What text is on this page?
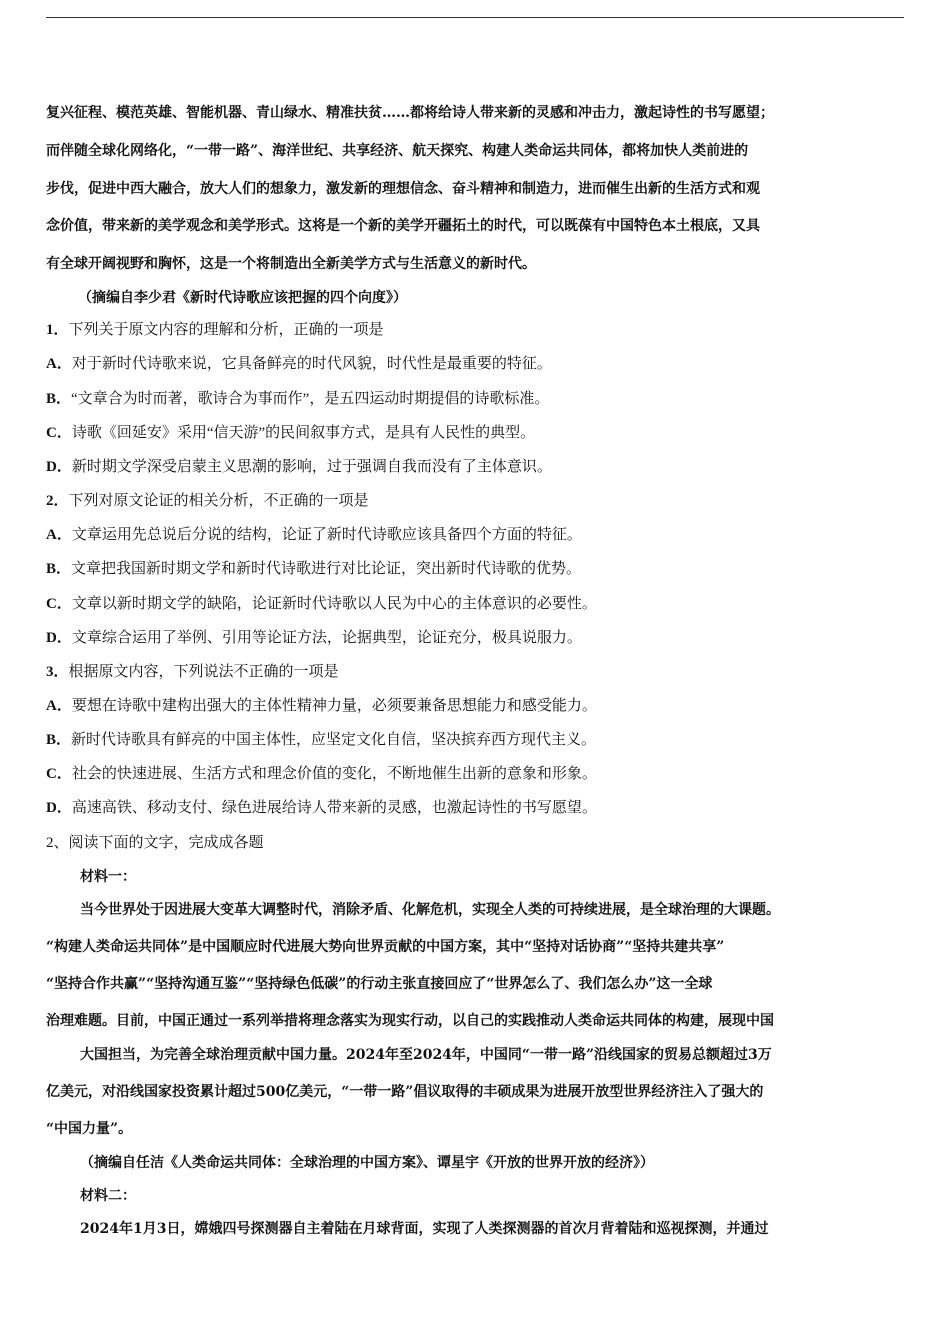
复兴征程、模范英雄、智能机器、青山绿水、精准扶贫……都将给诗人带来新的灵感和冲击力，激起诗性的书写愿望；
而伴随全球化网络化，“一带一路”、海洋世纪、共享经济、航天探究、构建人类命运共同体，都将加快人类前进的
步伐，促进中西大融合，放大人们的想象力，激发新的理想信念、奋斗精神和制造力，进而催生出新的生活方式和观
念价值，带来新的美学观念和美学形式。这将是一个新的美学开疆拓土的时代，可以既葆有中国特色本土根底，又具
有全球开阔视野和胸怀，这是一个将制造出全新美学方式与生活意义的新时代。
（摘编自李少君《新时代诗歌应该把握的四个向度》）
1．下列关于原文内容的理解和分析，正确的一项是
A．对于新时代诗歌来说，它具备鲜亮的时代风貌，时代性是最重要的特征。
B．“文章合为时而著，歌诗合为事而作”，是五四运动时期提倡的诗歌标准。
C．诗歌《回延安》采用“信天游”的民间叙事方式，是具有人民性的典型。
D．新时期文学深受启蒙主义思潮的影响，过于强调自我而没有了主体意识。
2．下列对原文论证的相关分析，不正确的一项是
A．文章运用先总说后分说的结构，论证了新时代诗歌应该具备四个方面的特征。
B．文章把我国新时期文学和新时代诗歌进行对比论证，突出新时代诗歌的优势。
C．文章以新时期文学的缺陷，论证新时代诗歌以人民为中心的主体意识的必要性。
D．文章综合运用了举例、引用等论证方法，论据典型，论证充分，极具说服力。
3．根据原文内容，下列说法不正确的一项是
A．要想在诗歌中建构出强大的主体性精神力量，必须要兼备思想能力和感受能力。
B．新时代诗歌具有鲜亮的中国主体性，应坚定文化自信，坚决摈弃西方现代主义。
C．社会的快速进展、生活方式和理念价值的变化，不断地催生出新的意象和形象。
D．高速高铁、移动支付、绿色进展给诗人带来新的灵感，也激起诗性的书写愿望。
2、阅读下面的文字，完成成各题
材料一：
当今世界处于因进展大变革大调整时代，消除矛盾、化解危机，实现全人类的可持续进展，是全球治理的大课题。
“构建人类命运共同体”是中国顺应时代进展大势向世界贡献的中国方案，其中“坚持对话协商”“坚持共建共享”
“坚持合作共赢”“坚持沟通互鉴”“坚持绿色低碳”的行动主张直接回应了“世界怎么了、我们怎么办”这一全球
治理难题。目前，中国正通过一系列举措将理念落实为现实行动，以自己的实践推动人类命运共同体的构建，展现中国
大国担当，为完善全球治理贡献中国力量。2024年至2024年，中国同“一带一路”沿线国家的贸易总额超过3万
亿美元，对沿线国家投资累计超过500亿美元，“一带一路”倡议取得的丰硕成果为进展开放型世界经济注入了强大的
“中国力量”。
（摘编自任洁《人类命运共同体：全球治理的中国方案》、谭星宇《开放的世界开放的经济》）
材料二：
2024年1月3日，嫦娥四号探测器自主着陆在月球背面，实现了人类探测器的首次月背着陆和巡视探测，并通过
